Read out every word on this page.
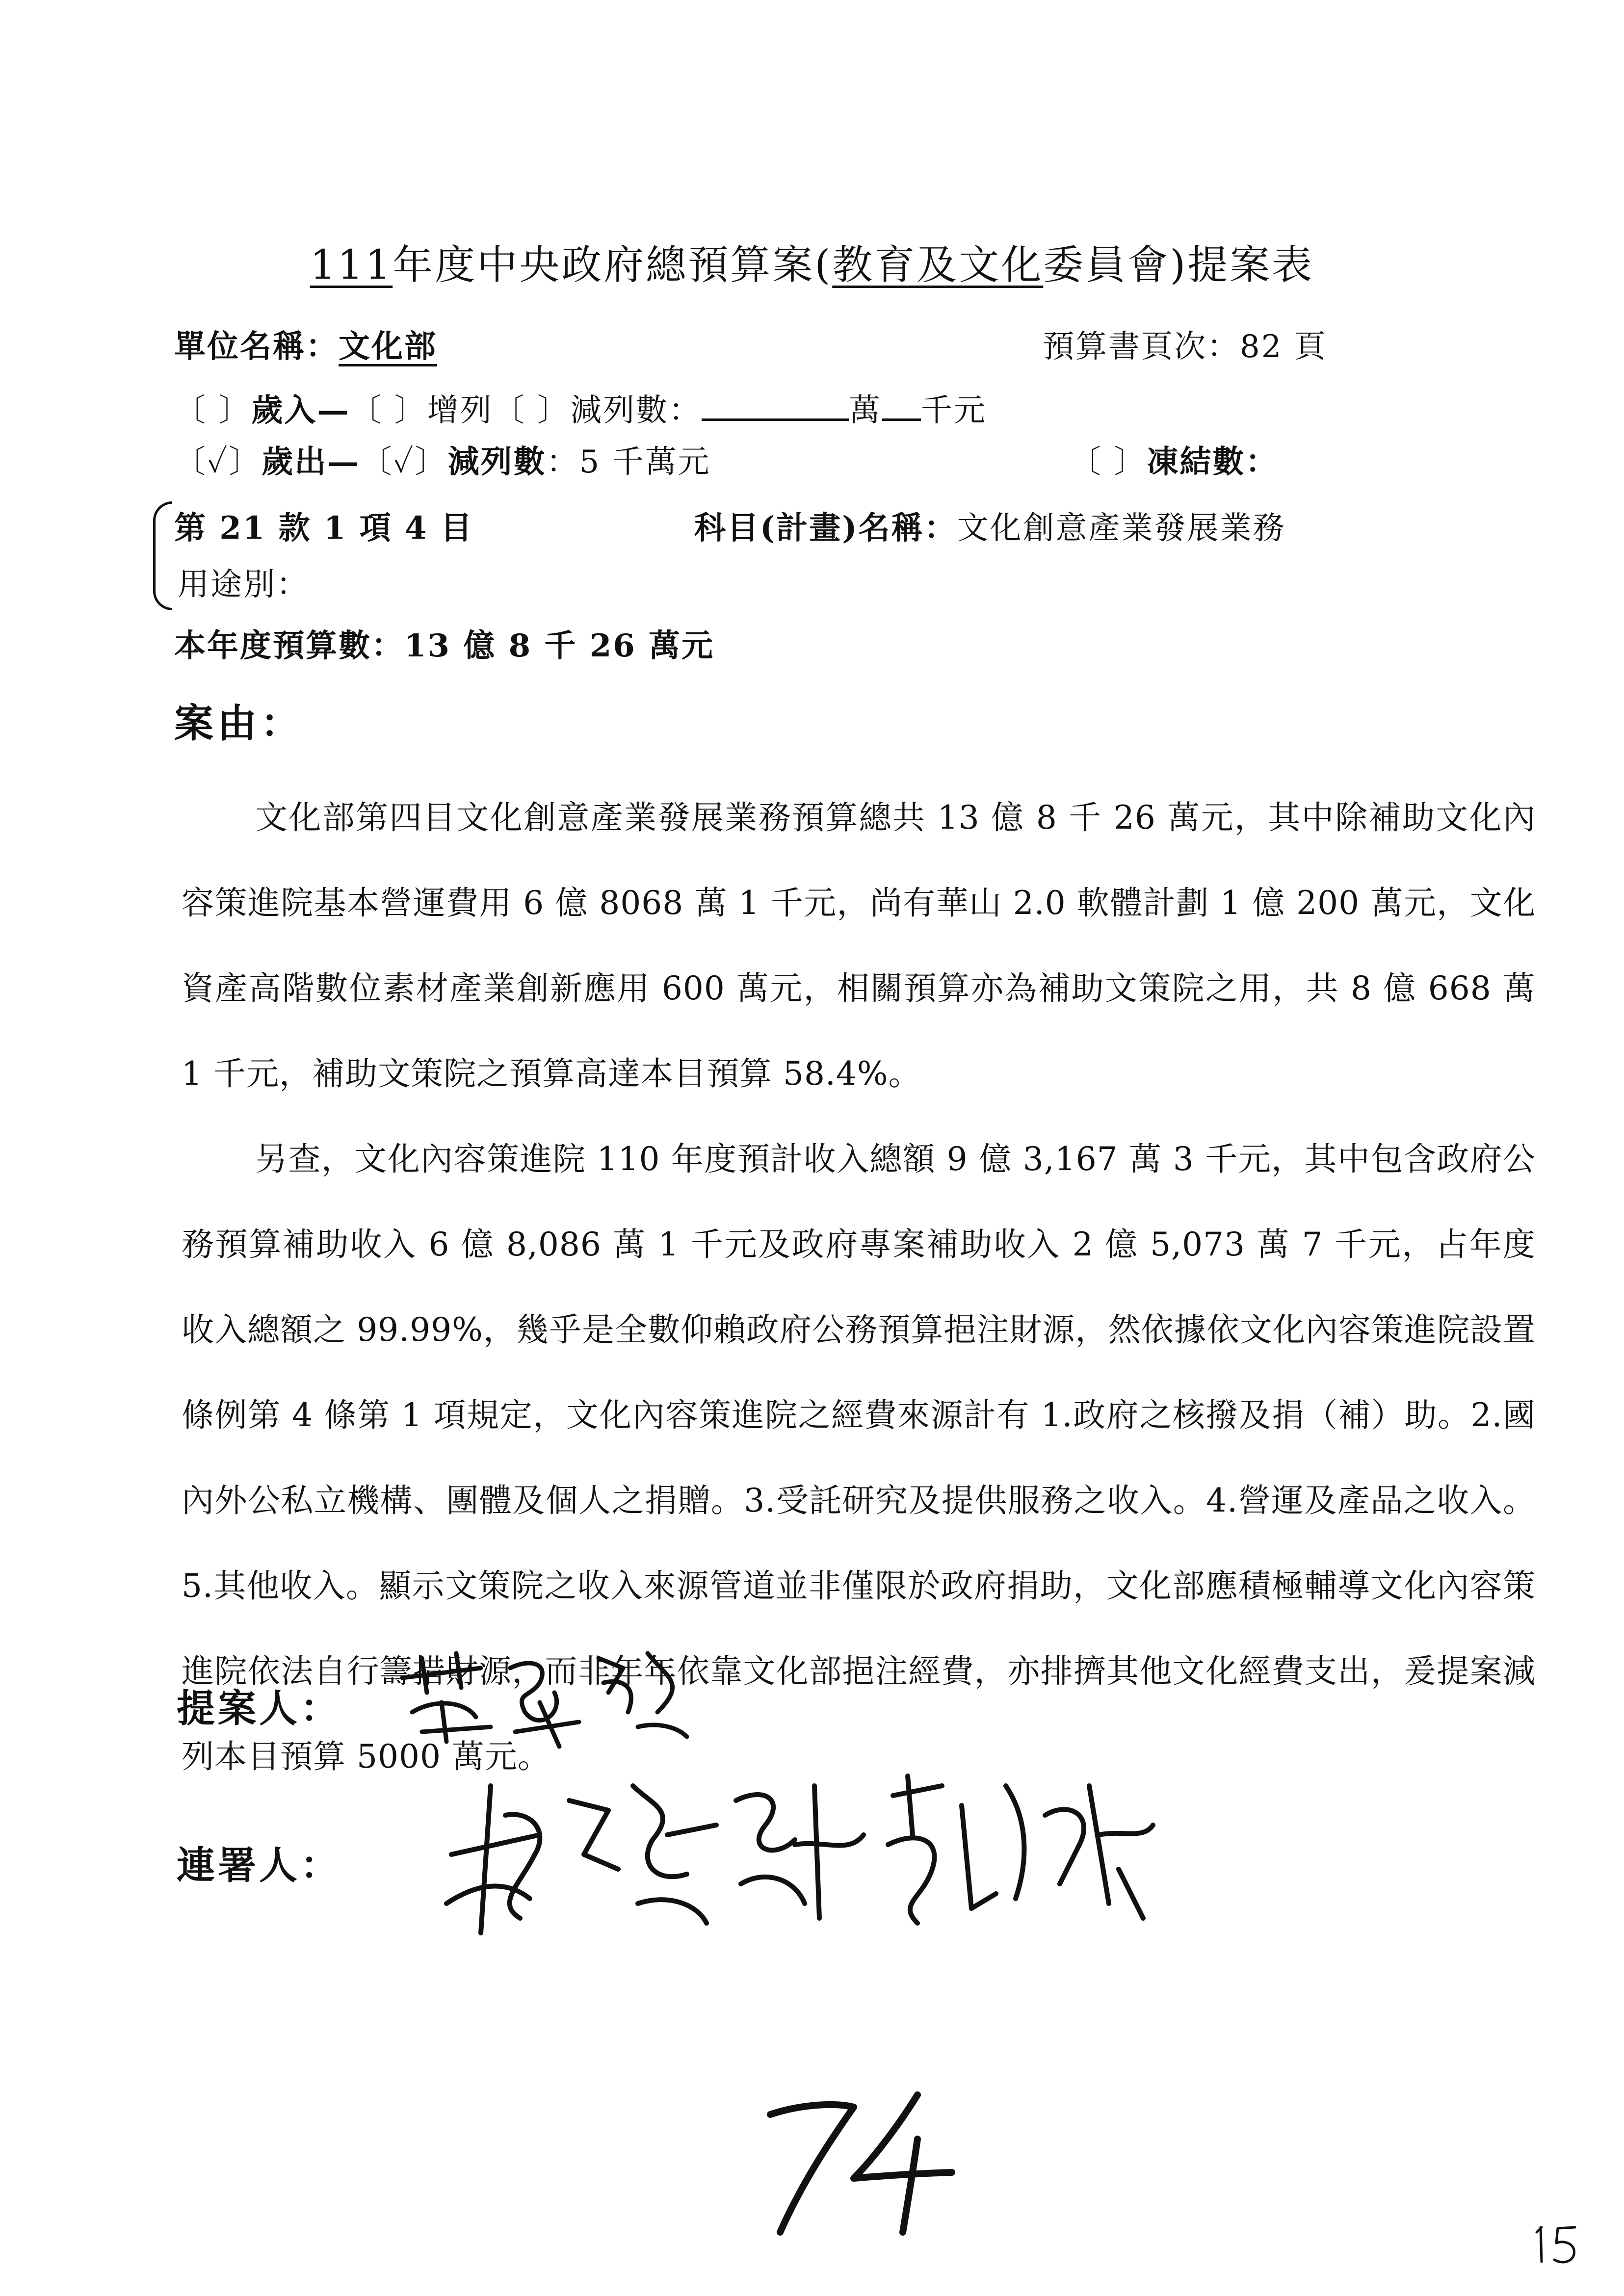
111年度中央政府總預算案(教育及文化委員會)提案表
單位名稱：文化部	預算書頁次：82 頁
〔 〕歲入—〔 〕增列〔 〕減列數：	萬 千元
〔✓〕歲出—〔✓〕減列數：5 千萬元	〔 〕凍結數：
第 21 款 1 項 4 目	科目(計畫)名稱：文化創意產業發展業務
用途別：
本年度預算數：13 億 8 千 26 萬元
案由：

文化部第四目文化創意產業發展業務預算總共 13 億 8 千 26 萬元，其中除補助文化內容策進院基本營運費用 6 億 8068 萬 1 千元，尚有華山 2.0 軟體計劃 1 億 200 萬元，文化資產高階數位素材產業創新應用 600 萬元，相關預算亦為補助文策院之用，共 8 億 668 萬 1 千元，補助文策院之預算高達本目預算 58.4%。

另查，文化內容策進院 110 年度預計收入總額 9 億 3,167 萬 3 千元，其中包含政府公務預算補助收入 6 億 8,086 萬 1 千元及政府專案補助收入 2 億 5,073 萬 7 千元，占年度收入總額之 99.99%，幾乎是全數仰賴政府公務預算挹注財源，然依據依文化內容策進院設置條例第 4 條第 1 項規定，文化內容策進院之經費來源計有 1.政府之核撥及捐（補）助。2.國內外公私立機構、團體及個人之捐贈。3.受託研究及提供服務之收入。4.營運及產品之收入。5.其他收入。顯示文策院之收入來源管道並非僅限於政府捐助，文化部應積極輔導文化內容策進院依法自行籌措財源，而非年年依靠文化部挹注經費，亦排擠其他文化經費支出，爰提案減列本目預算 5000 萬元。

提案人：
連署人：
